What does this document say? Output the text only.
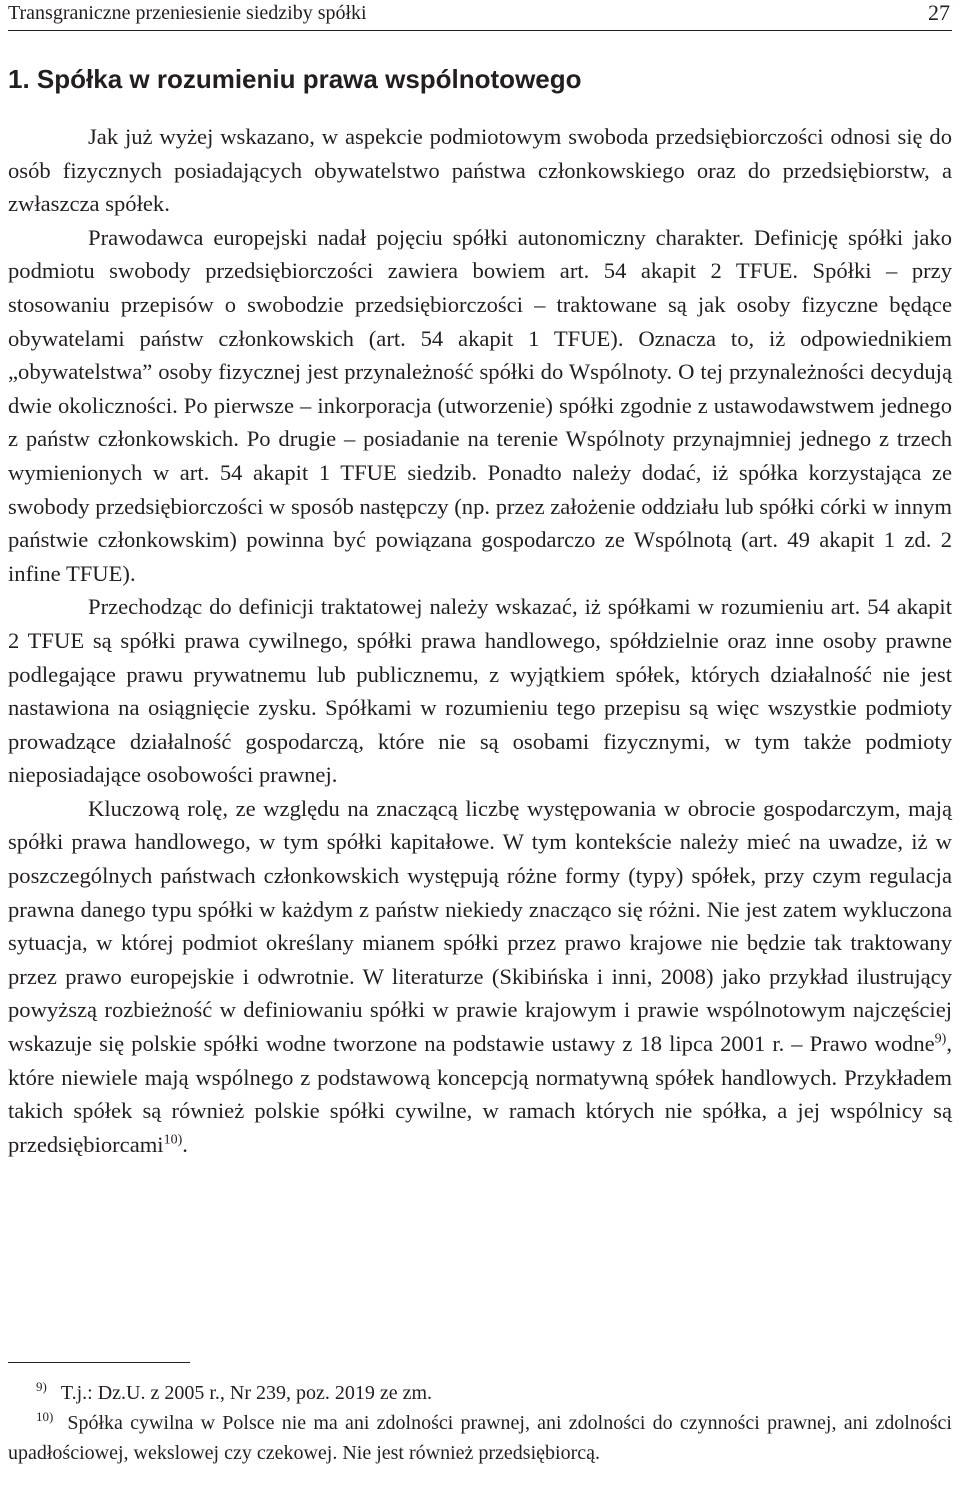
Transgraniczne przeniesienie siedziby spółki	27
1. Spółka w rozumieniu prawa wspólnotowego

Jak już wyżej wskazano, w aspekcie podmiotowym swoboda przedsiębiorczości odnosi się do osób fizycznych posiadających obywatelstwo państwa członkowskiego oraz do przedsiębiorstw, a zwłaszcza spółek.

Prawodawca europejski nadał pojęciu spółki autonomiczny charakter. Definicję spółki jako podmiotu swobody przedsiębiorczości zawiera bowiem art. 54 akapit 2 TFUE. Spółki – przy stosowaniu przepisów o swobodzie przedsiębiorczości – traktowane są jak osoby fizyczne będące obywatelami państw członkowskich (art. 54 akapit 1 TFUE). Oznacza to, iż odpowiednikiem „obywatelstwa” osoby fizycznej jest przynależność spółki do Wspólnoty. O tej przynależności decydują dwie okoliczności. Po pierwsze – inkorporacja (utworzenie) spółki zgodnie z ustawodawstwem jednego z państw członkowskich. Po drugie – posiadanie na terenie Wspólnoty przynajmniej jednego z trzech wymienionych w art. 54 akapit 1 TFUE siedzib. Ponadto należy dodać, iż spółka korzystająca ze swobody przedsiębiorczości w sposób następczy (np. przez założenie oddziału lub spółki córki w innym państwie członkowskim) powinna być powiązana gospodarczo ze Wspólnotą (art. 49 akapit 1 zd. 2 infine TFUE).

Przechodząc do definicji traktatowej należy wskazać, iż spółkami w rozumieniu art. 54 akapit 2 TFUE są spółki prawa cywilnego, spółki prawa handlowego, spółdzielnie oraz inne osoby prawne podlegające prawu prywatnemu lub publicznemu, z wyjątkiem spółek, których działalność nie jest nastawiona na osiągnięcie zysku. Spółkami w rozumieniu tego przepisu są więc wszystkie podmioty prowadzące działalność gospodarczą, które nie są osobami fizycznymi, w tym także podmioty nieposiadające osobowości prawnej.

Kluczową rolę, ze względu na znaczącą liczbę występowania w obrocie gospodarczym, mają spółki prawa handlowego, w tym spółki kapitałowe. W tym kontekście należy mieć na uwadze, iż w poszczególnych państwach członkowskich występują różne formy (typy) spółek, przy czym regulacja prawna danego typu spółki w każdym z państw niekiedy znacząco się różni. Nie jest zatem wykluczona sytuacja, w której podmiot określany mianem spółki przez prawo krajowe nie będzie tak traktowany przez prawo europejskie i odwrotnie. W literaturze (Skibińska i inni, 2008) jako przykład ilustrujący powyższą rozbieżność w definiowaniu spółki w prawie krajowym i prawie wspólnotowym najczęściej wskazuje się polskie spółki wodne tworzone na podstawie ustawy z 18 lipca 2001 r. – Prawo wodne$^{9)}$, które niewiele mają wspólnego z podstawową koncepcją normatywną spółek handlowych. Przykładem takich spółek są również polskie spółki cywilne, w ramach których nie spółka, a jej wspólnicy są przedsiębiorcami$^{10)}$.

$^{9)}$ T.j.: Dz.U. z 2005 r., Nr 239, poz. 2019 ze zm.

$^{10)}$ Spółka cywilna w Polsce nie ma ani zdolności prawnej, ani zdolności do czynności prawnej, ani zdolności upadłościowej, wekslowej czy czekowej. Nie jest również przedsiębiorcą.
